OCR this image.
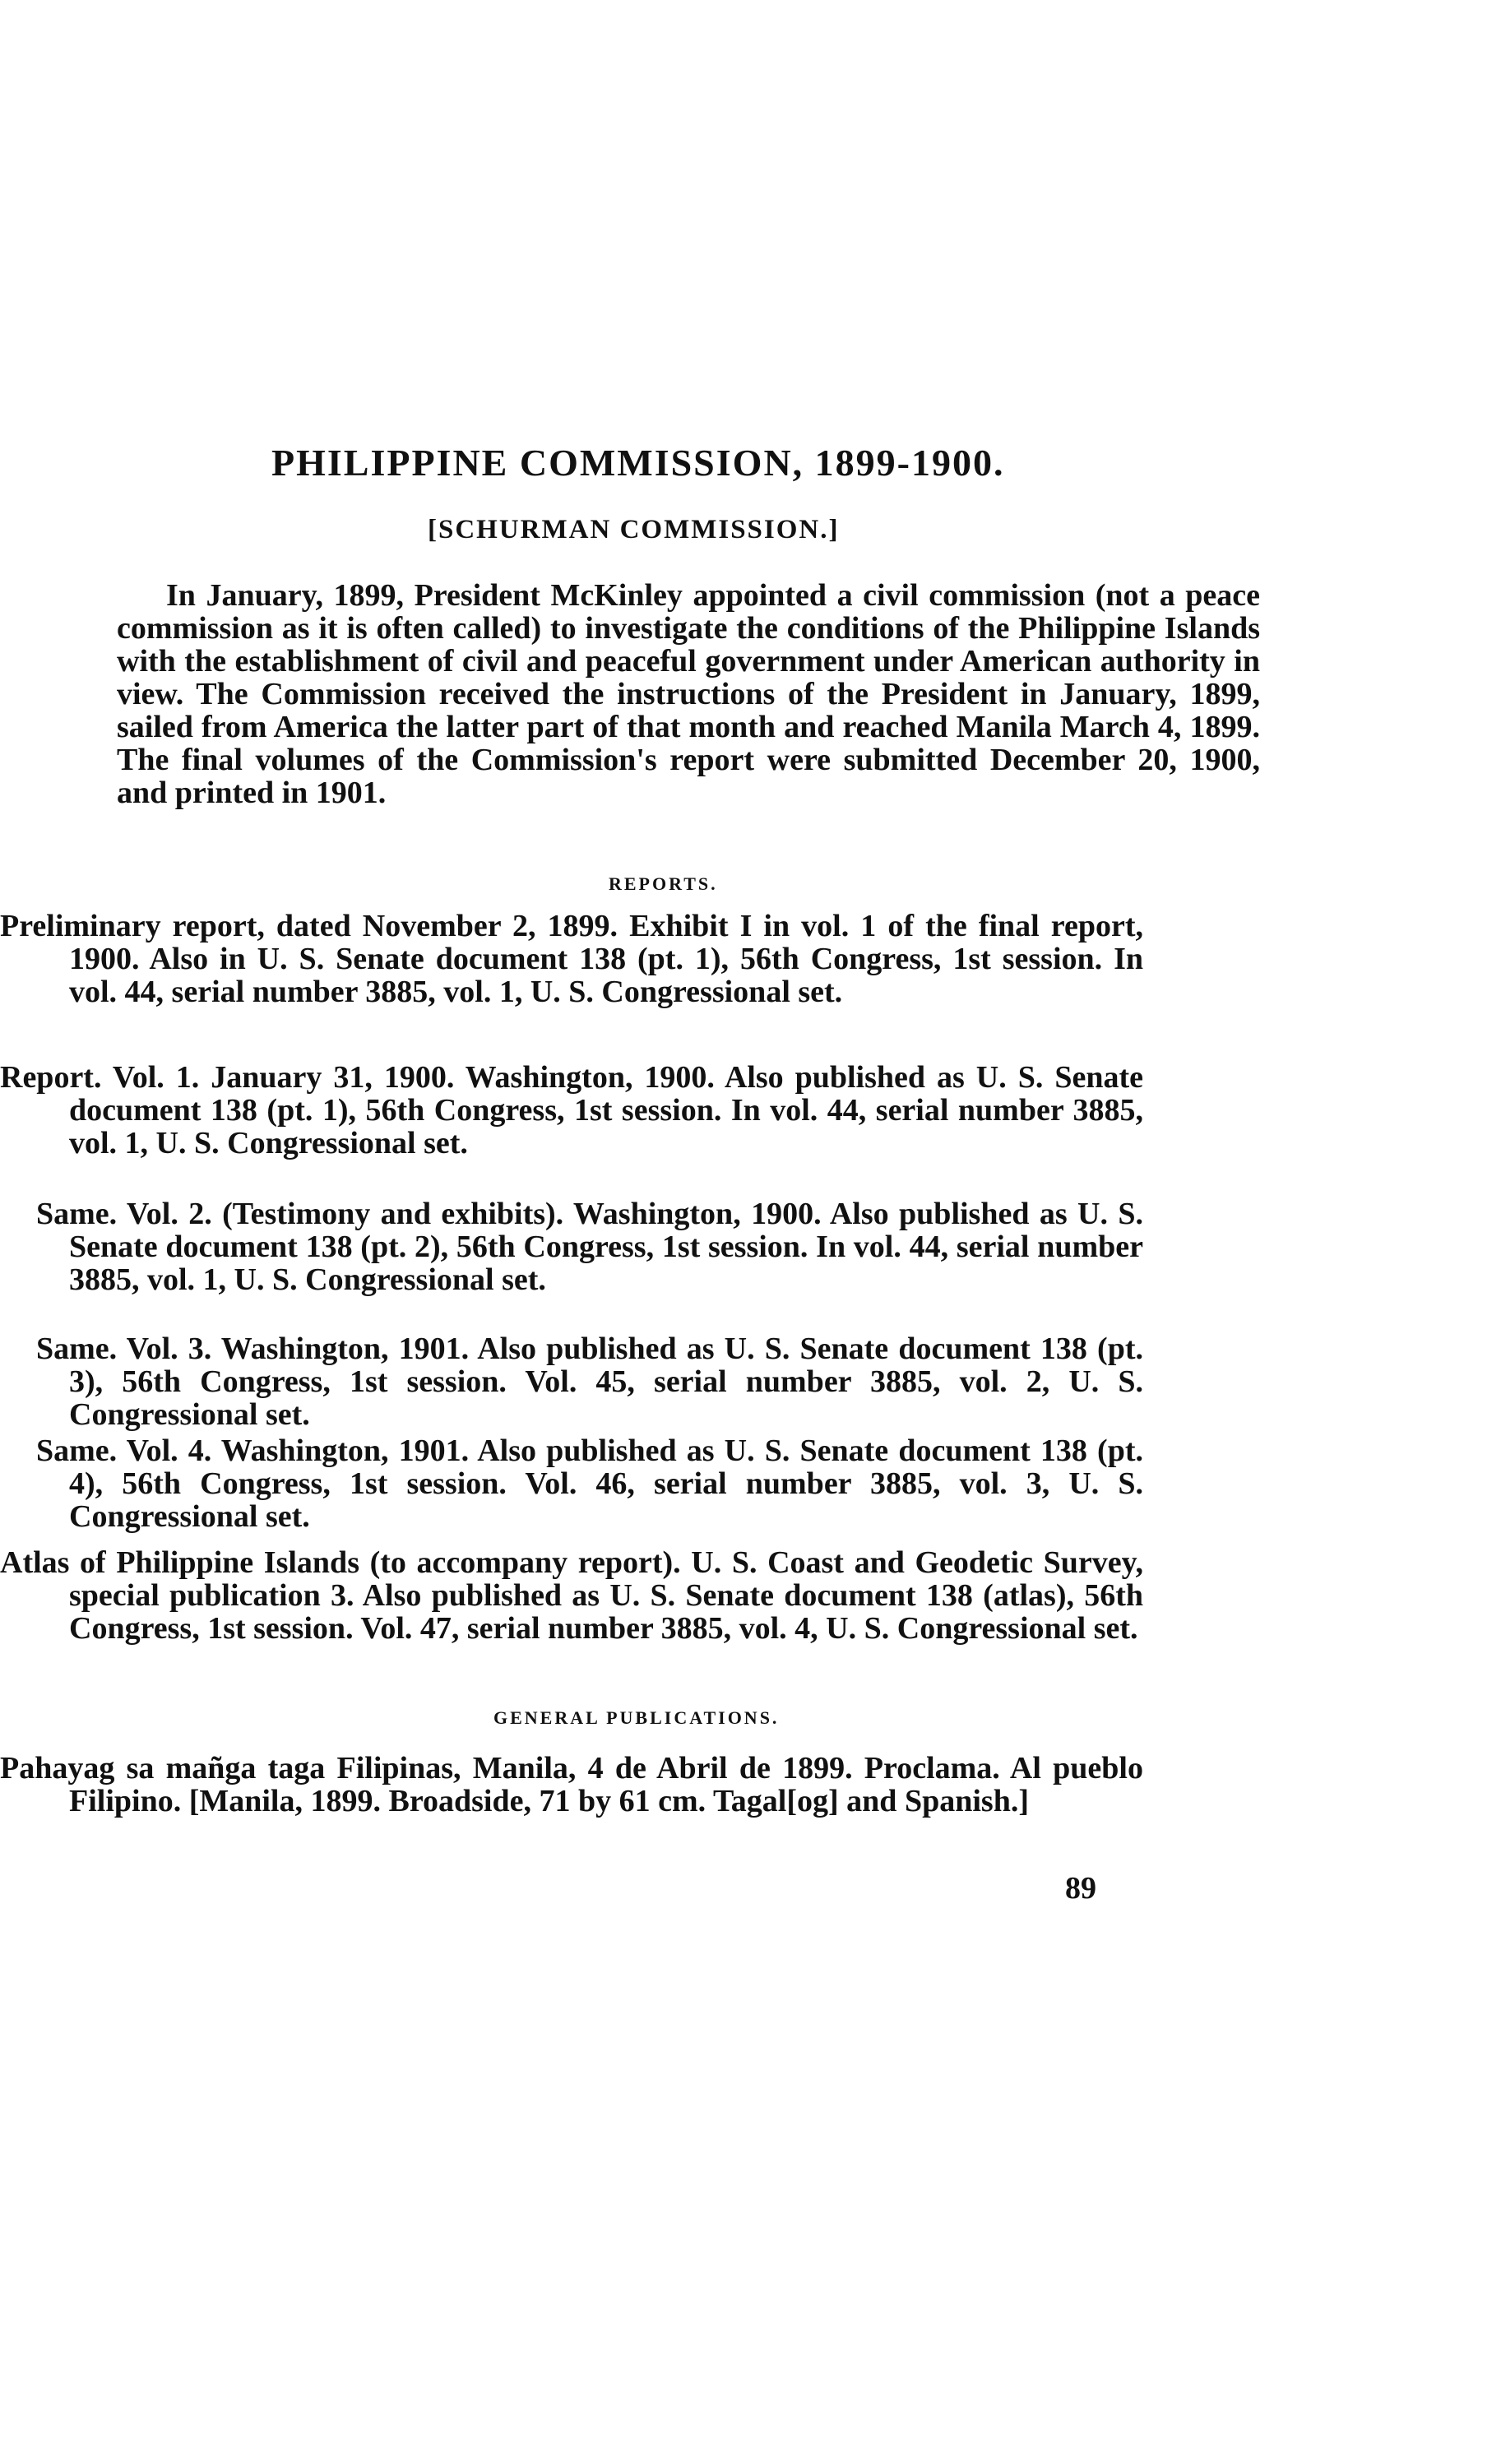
PHILIPPINE COMMISSION, 1899-1900.
[SCHURMAN COMMISSION.]

In January, 1899, President McKinley appointed a civil commission (not a peace commission as it is often called) to investigate the conditions of the Philippine Islands with the establishment of civil and peaceful government under American authority in view. The Commission received the instructions of the President in January, 1899, sailed from America the latter part of that month and reached Manila March 4, 1899. The final volumes of the Commission's report were submitted December 20, 1900, and printed in 1901.

REPORTS.

Preliminary report, dated November 2, 1899. Exhibit I in vol. 1 of the final report, 1900. Also in U. S. Senate document 138 (pt. 1), 56th Congress, 1st session. In vol. 44, serial number 3885, vol. 1, U. S. Congressional set.

Report. Vol. 1. January 31, 1900. Washington, 1900. Also published as U. S. Senate document 138 (pt. 1), 56th Congress, 1st session. In vol. 44, serial number 3885, vol. 1, U. S. Congressional set.

Same. Vol. 2. (Testimony and exhibits). Washington, 1900. Also published as U. S. Senate document 138 (pt. 2), 56th Congress, 1st session. In vol. 44, serial number 3885, vol. 1, U. S. Congressional set.

Same. Vol. 3. Washington, 1901. Also published as U. S. Senate document 138 (pt. 3), 56th Congress, 1st session. Vol. 45, serial number 3885, vol. 2, U. S. Congressional set.

Same. Vol. 4. Washington, 1901. Also published as U. S. Senate document 138 (pt. 4), 56th Congress, 1st session. Vol. 46, serial number 3885, vol. 3, U. S. Congressional set.

Atlas of Philippine Islands (to accompany report). U. S. Coast and Geodetic Survey, special publication 3. Also published as U. S. Senate document 138 (atlas), 56th Congress, 1st session. Vol. 47, serial number 3885, vol. 4, U. S. Congressional set.

GENERAL PUBLICATIONS.

Pahayag sa mañga taga Filipinas, Manila, 4 de Abril de 1899. Proclama. Al pueblo Filipino. [Manila, 1899. Broadside, 71 by 61 cm. Tagal[og] and Spanish.]

89
